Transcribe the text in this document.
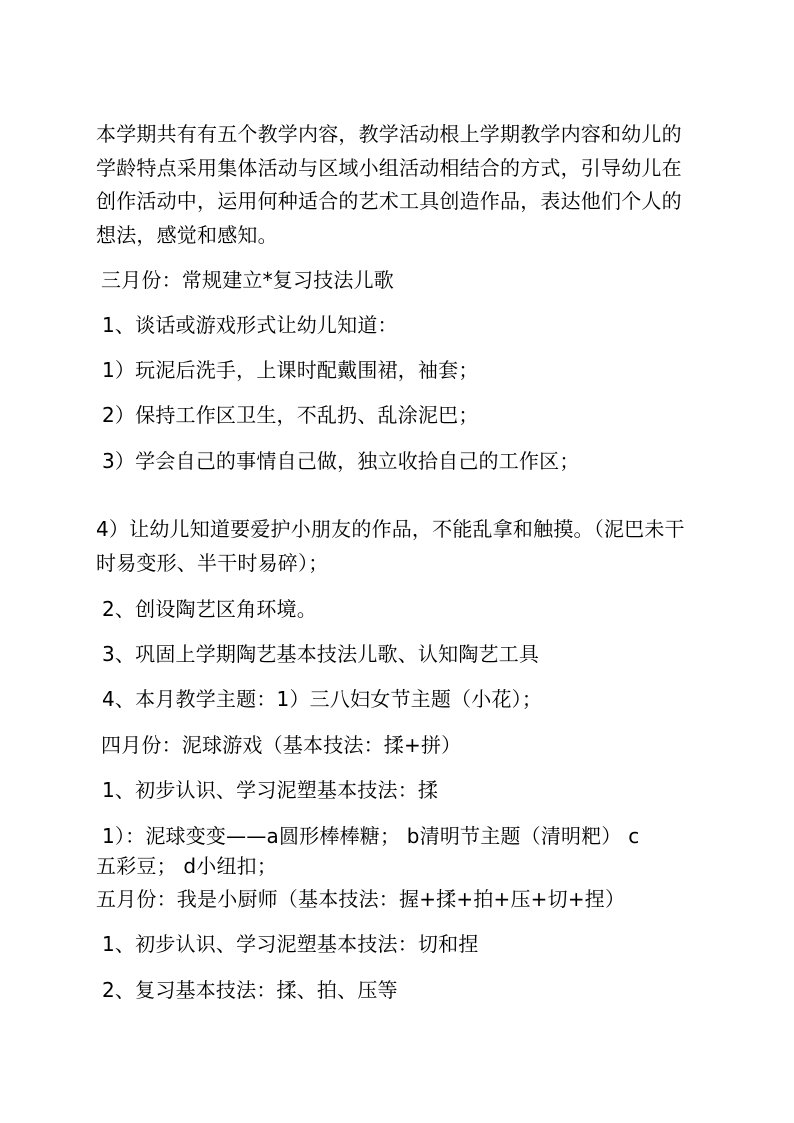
本学期共有有五个教学内容，教学活动根上学期教学内容和幼儿的
学龄特点采用集体活动与区域小组活动相结合的方式，引导幼儿在
创作活动中，运用何种适合的艺术工具创造作品，表达他们个人的
想法，感觉和感知。
三月份：常规建立*复习技法儿歌
1、谈话或游戏形式让幼儿知道：
1）玩泥后洗手，上课时配戴围裙，袖套；
2）保持工作区卫生，不乱扔、乱涂泥巴；
3）学会自己的事情自己做，独立收拾自己的工作区；
4）让幼儿知道要爱护小朋友的作品，不能乱拿和触摸。（泥巴未干
时易变形、半干时易碎）；
2、创设陶艺区角环境。
3、巩固上学期陶艺基本技法儿歌、认知陶艺工具
4、本月教学主题：1）三八妇女节主题（小花）；
四月份：泥球游戏（基本技法：揉+拼）
1、初步认识、学习泥塑基本技法：揉
1）：泥球变变——a圆形棒棒糖； b清明节主题（清明粑） c
五彩豆； d小纽扣；
五月份：我是小厨师（基本技法：握+揉+拍+压+切+捏）
1、初步认识、学习泥塑基本技法：切和捏
2、复习基本技法：揉、拍、压等
